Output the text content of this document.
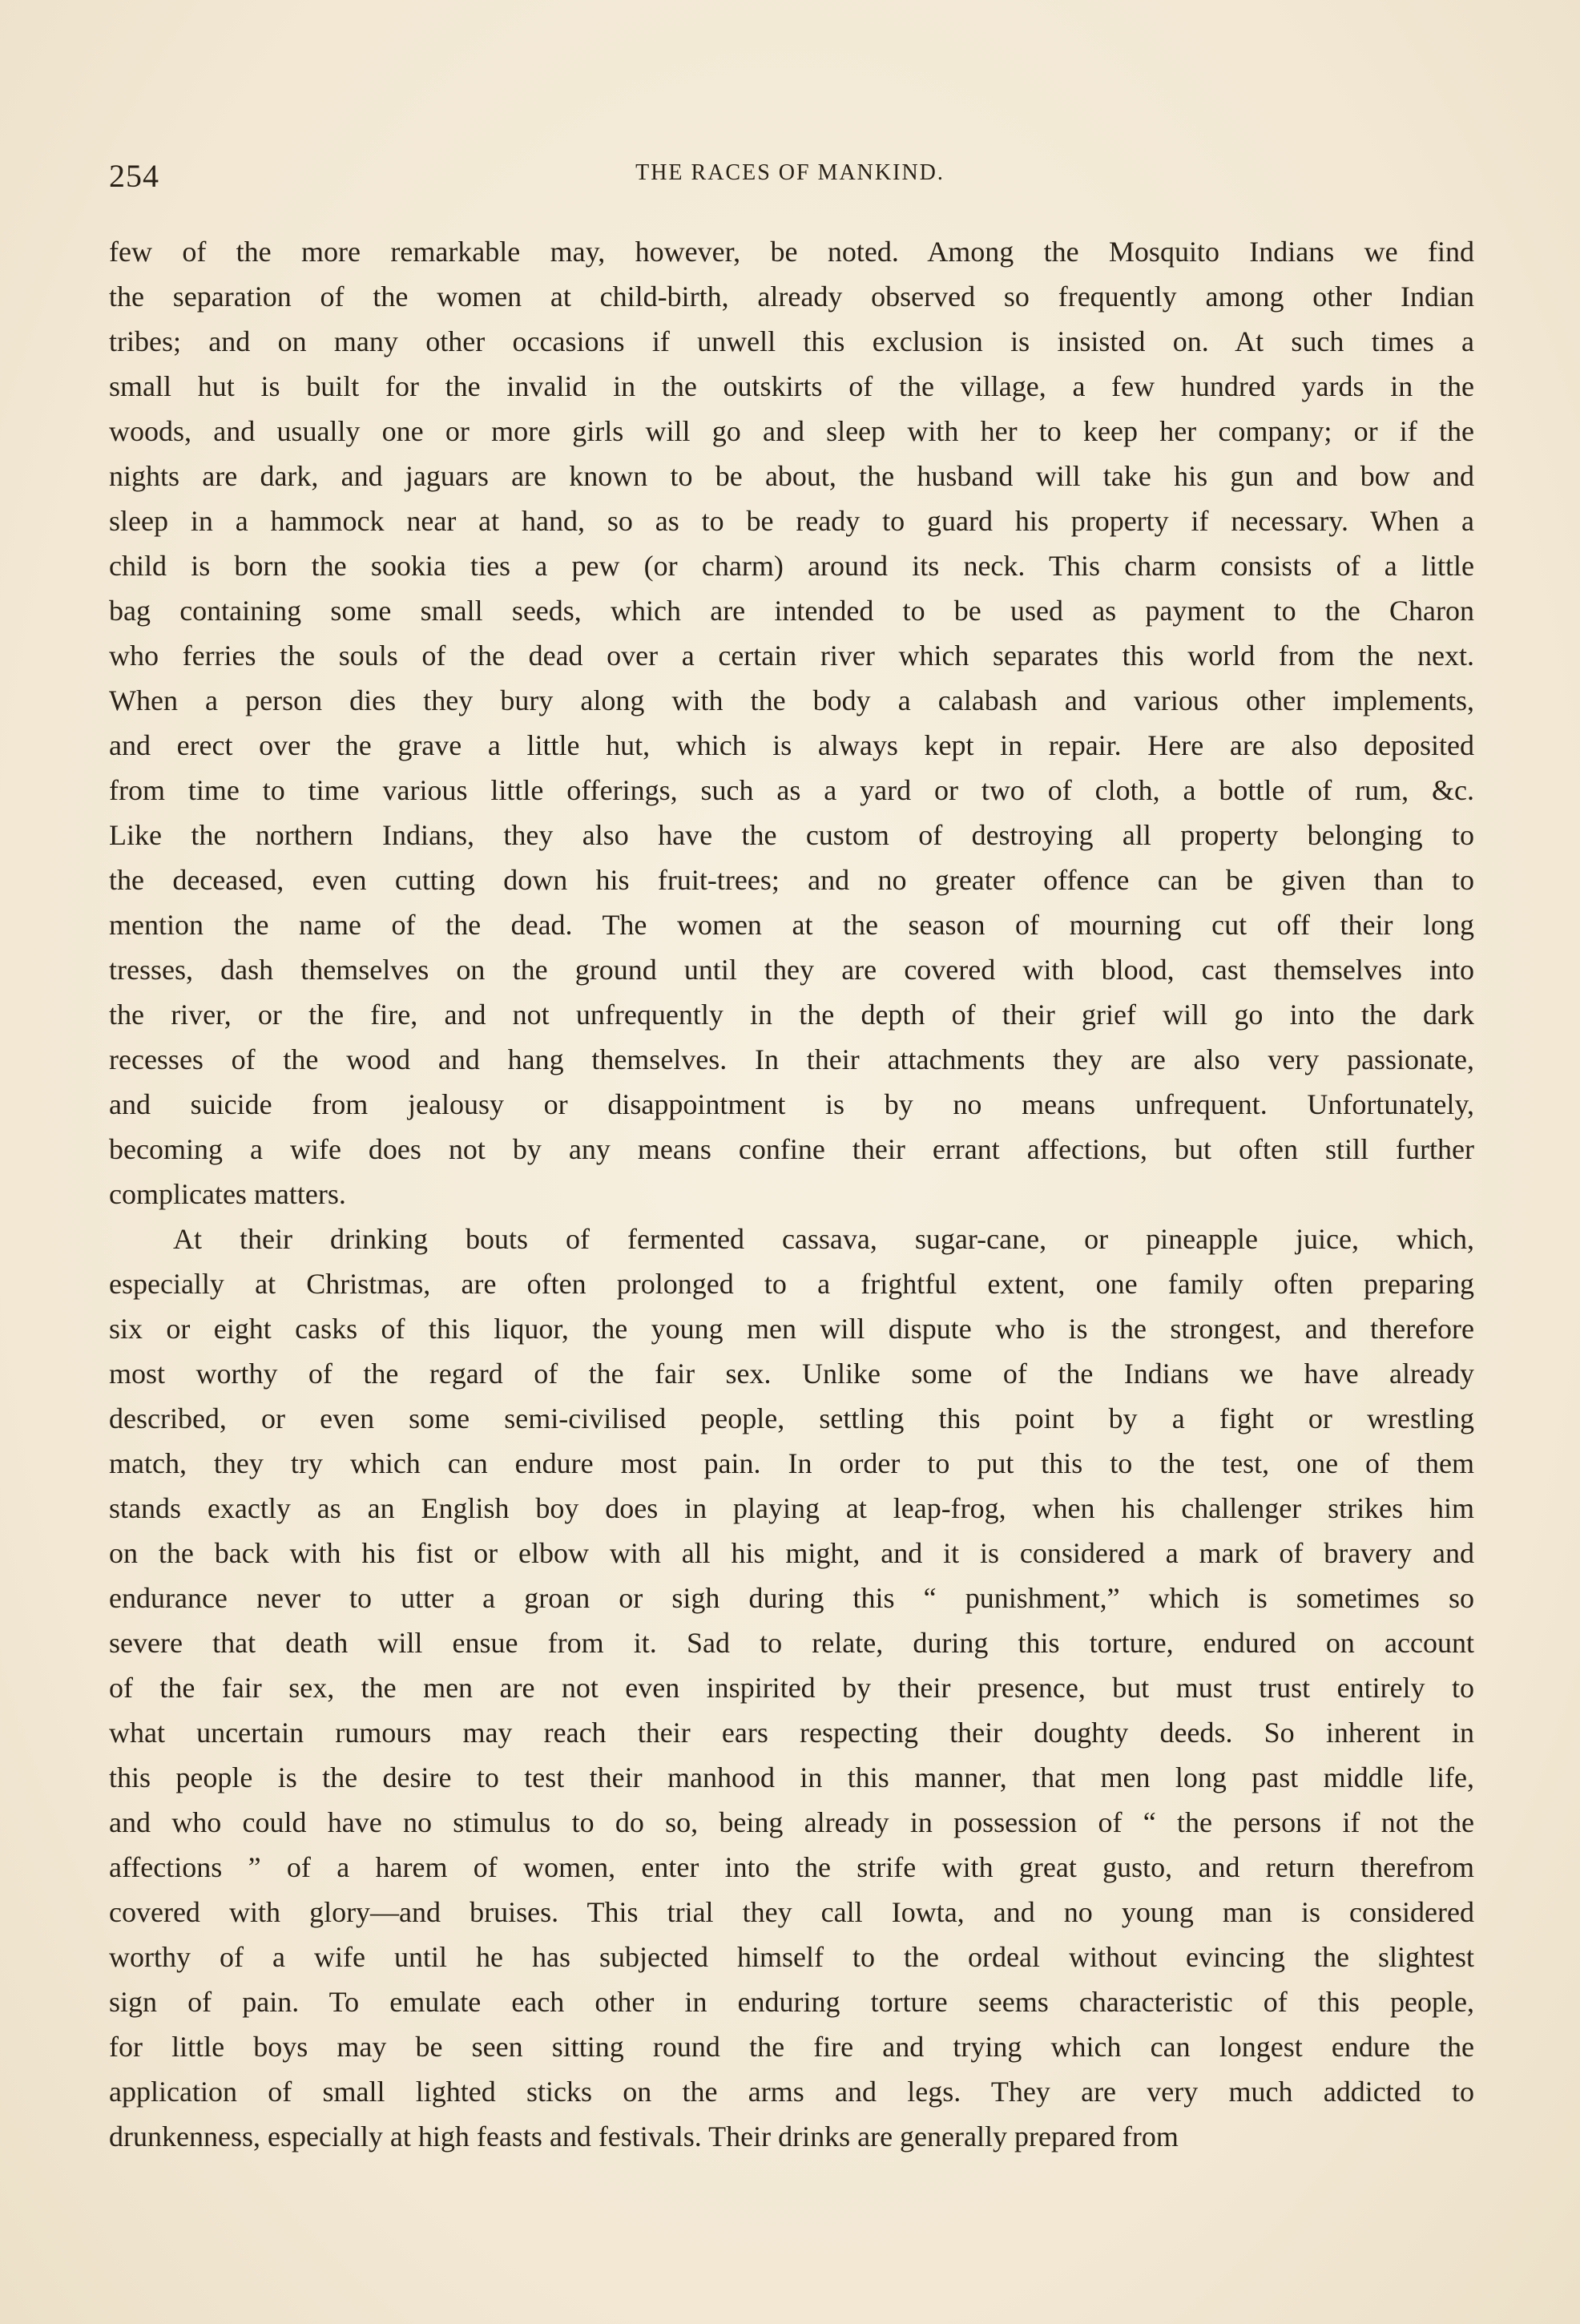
254	THE RACES OF MANKIND.
few of the more remarkable may, however, be noted. Among the Mosquito Indians we find
the separation of the women at child-birth, already observed so frequently among other Indian
tribes; and on many other occasions if unwell this exclusion is insisted on. At such times a
small hut is built for the invalid in the outskirts of the village, a few hundred yards in the
woods, and usually one or more girls will go and sleep with her to keep her company; or if the
nights are dark, and jaguars are known to be about, the husband will take his gun and bow and
sleep in a hammock near at hand, so as to be ready to guard his property if necessary. When a
child is born the sookia ties a pew (or charm) around its neck. This charm consists of a little
bag containing some small seeds, which are intended to be used as payment to the Charon
who ferries the souls of the dead over a certain river which separates this world from the next.
When a person dies they bury along with the body a calabash and various other implements,
and erect over the grave a little hut, which is always kept in repair. Here are also deposited
from time to time various little offerings, such as a yard or two of cloth, a bottle of rum, &c.
Like the northern Indians, they also have the custom of destroying all property belonging to
the deceased, even cutting down his fruit-trees; and no greater offence can be given than to
mention the name of the dead. The women at the season of mourning cut off their long
tresses, dash themselves on the ground until they are covered with blood, cast themselves into
the river, or the fire, and not unfrequently in the depth of their grief will go into the dark
recesses of the wood and hang themselves. In their attachments they are also very passionate,
and suicide from jealousy or disappointment is by no means unfrequent. Unfortunately,
becoming a wife does not by any means confine their errant affections, but often still further
complicates matters.
At their drinking bouts of fermented cassava, sugar-cane, or pineapple juice, which,
especially at Christmas, are often prolonged to a frightful extent, one family often preparing
six or eight casks of this liquor, the young men will dispute who is the strongest, and therefore
most worthy of the regard of the fair sex. Unlike some of the Indians we have already
described, or even some semi-civilised people, settling this point by a fight or wrestling
match, they try which can endure most pain. In order to put this to the test, one of them
stands exactly as an English boy does in playing at leap-frog, when his challenger strikes him
on the back with his fist or elbow with all his might, and it is considered a mark of bravery and
endurance never to utter a groan or sigh during this “ punishment,” which is sometimes so
severe that death will ensue from it. Sad to relate, during this torture, endured on account
of the fair sex, the men are not even inspirited by their presence, but must trust entirely to
what uncertain rumours may reach their ears respecting their doughty deeds. So inherent in
this people is the desire to test their manhood in this manner, that men long past middle life,
and who could have no stimulus to do so, being already in possession of “ the persons if not the
affections ” of a harem of women, enter into the strife with great gusto, and return therefrom
covered with glory—and bruises. This trial they call Iowta, and no young man is considered
worthy of a wife until he has subjected himself to the ordeal without evincing the slightest
sign of pain. To emulate each other in enduring torture seems characteristic of this people,
for little boys may be seen sitting round the fire and trying which can longest endure the
application of small lighted sticks on the arms and legs. They are very much addicted to
drunkenness, especially at high feasts and festivals. Their drinks are generally prepared from
